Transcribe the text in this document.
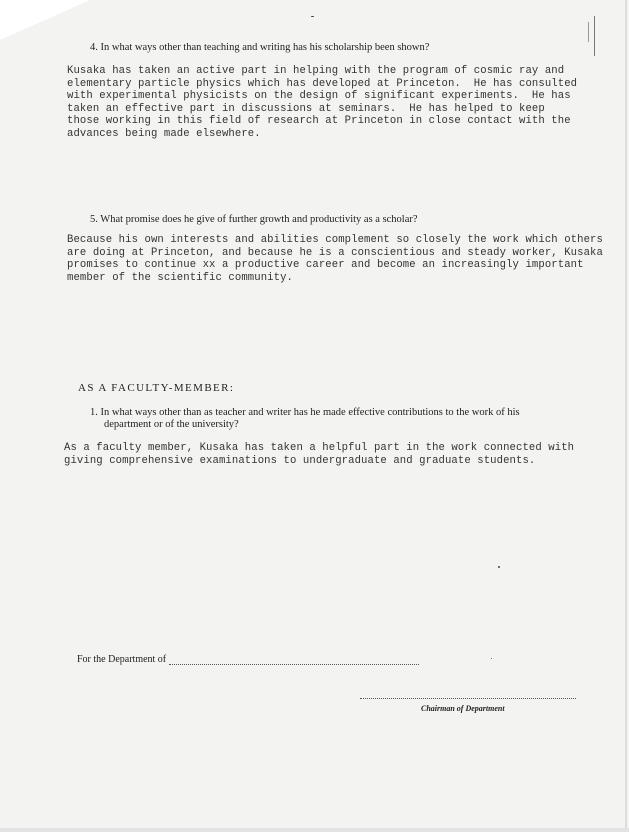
4. In what ways other than teaching and writing has his scholarship been shown?
Kusaka has taken an active part in helping with the program of cosmic ray and
elementary particle physics which has developed at Princeton.  He has consulted
with experimental physicists on the design of significant experiments.  He has
taken an effective part in discussions at seminars.  He has helped to keep
those working in this field of research at Princeton in close contact with the
advances being made elsewhere.
5. What promise does he give of further growth and productivity as a scholar?
Because his own interests and abilities complement so closely the work which others
are doing at Princeton, and because he is a conscientious and steady worker, Kusaka
promises to continue xx a productive career and become an increasingly important
member of the scientific community.
AS A FACULTY-MEMBER:
1. In what ways other than as teacher and writer has he made effective contributions to the work of his
department or of the university?
As a faculty member, Kusaka has taken a helpful part in the work connected with
giving comprehensive examinations to undergraduate and graduate students.
For the Department of
Chairman of Department
